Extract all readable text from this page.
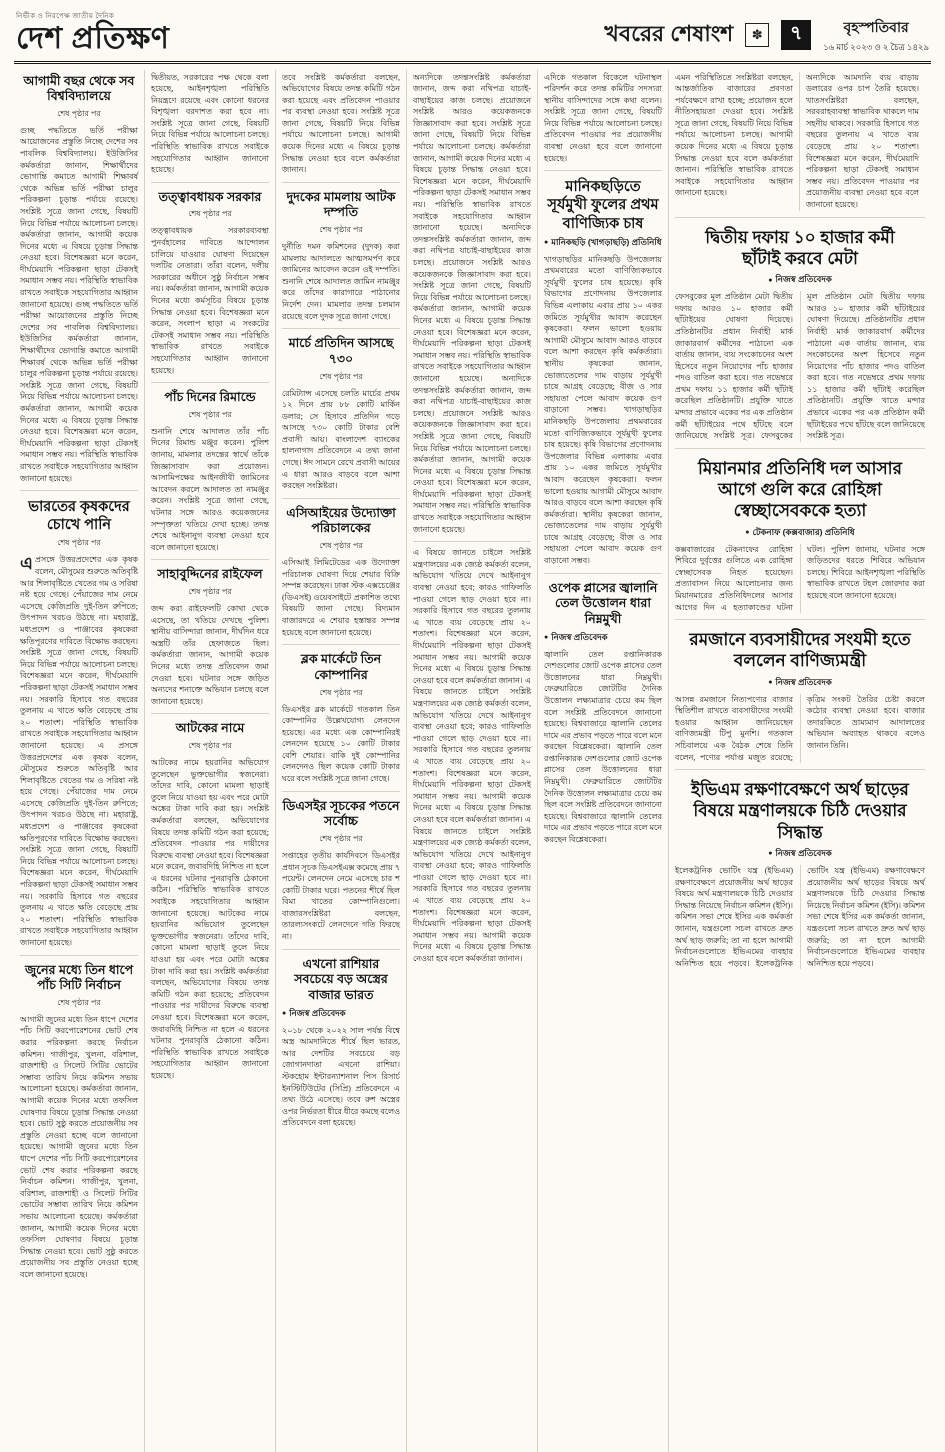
নির্ভীক ও নিরপেক্ষ জাতীয় দৈনিক
দেশ প্রতিক্ষণ	খবরের শেষাংশ	✽	৭	বৃহস্পতিবার
১৬ মার্চ ২০২৩ ও ২ চৈত্র ১৪২৯
আগামী বছর থেকে সব বিশ্ববিদ্যালয়ে
শেষ পৃষ্ঠার পর

গুচ্ছ পদ্ধতিতে ভর্তি পরীক্ষা আয়োজনের প্রস্তুতি নিচ্ছে দেশের সব পাবলিক বিশ্ববিদ্যালয়। ইউজিসির কর্মকর্তারা জানান, শিক্ষার্থীদের ভোগান্তি কমাতে আগামী শিক্ষাবর্ষ থেকে অভিন্ন ভর্তি পরীক্ষা চালুর পরিকল্পনা চূড়ান্ত পর্যায়ে রয়েছে। সংশ্লিষ্ট সূত্রে জানা গেছে, বিষয়টি নিয়ে বিভিন্ন পর্যায়ে আলোচনা চলছে। কর্মকর্তারা জানান, আগামী কয়েক দিনের মধ্যে এ বিষয়ে চূড়ান্ত সিদ্ধান্ত নেওয়া হবে। বিশেষজ্ঞরা মনে করেন, দীর্ঘমেয়াদি পরিকল্পনা ছাড়া টেকসই সমাধান সম্ভব নয়। পরিস্থিতি স্বাভাবিক রাখতে সবাইকে সহযোগিতার আহ্বান জানানো হয়েছে। গুচ্ছ পদ্ধতিতে ভর্তি পরীক্ষা আয়োজনের প্রস্তুতি নিচ্ছে দেশের সব পাবলিক বিশ্ববিদ্যালয়। ইউজিসির কর্মকর্তারা জানান, শিক্ষার্থীদের ভোগান্তি কমাতে আগামী শিক্ষাবর্ষ থেকে অভিন্ন ভর্তি পরীক্ষা চালুর পরিকল্পনা চূড়ান্ত পর্যায়ে রয়েছে। সংশ্লিষ্ট সূত্রে জানা গেছে, বিষয়টি নিয়ে বিভিন্ন পর্যায়ে আলোচনা চলছে। কর্মকর্তারা জানান, আগামী কয়েক দিনের মধ্যে এ বিষয়ে চূড়ান্ত সিদ্ধান্ত নেওয়া হবে। বিশেষজ্ঞরা মনে করেন, দীর্ঘমেয়াদি পরিকল্পনা ছাড়া টেকসই সমাধান সম্ভব নয়। পরিস্থিতি স্বাভাবিক রাখতে সবাইকে সহযোগিতার আহ্বান জানানো হয়েছে।

ভারতের কৃষকদের চোখে পানি
শেষ পৃষ্ঠার পর

এপ্রসঙ্গে উত্তরপ্রদেশের এক কৃষক বলেন, মৌসুমের শুরুতে অতিবৃষ্টি আর শিলাবৃষ্টিতে খেতের গম ও সরিষা নষ্ট হয়ে গেছে। পেঁয়াজের দাম নেমে এসেছে কেজিপ্রতি দুই-তিন রুপিতে; উৎপাদন খরচও উঠছে না। মহারাষ্ট্র, মধ্যপ্রদেশ ও পাঞ্জাবের কৃষকেরা ক্ষতিপূরণের দাবিতে বিক্ষোভ করছেন। সংশ্লিষ্ট সূত্রে জানা গেছে, বিষয়টি নিয়ে বিভিন্ন পর্যায়ে আলোচনা চলছে। বিশেষজ্ঞরা মনে করেন, দীর্ঘমেয়াদি পরিকল্পনা ছাড়া টেকসই সমাধান সম্ভব নয়। সরকারি হিসাবে গত বছরের তুলনায় এ খাতে ক্ষতি বেড়েছে প্রায় ২০ শতাংশ। পরিস্থিতি স্বাভাবিক রাখতে সবাইকে সহযোগিতার আহ্বান জানানো হয়েছে। এ প্রসঙ্গে উত্তরপ্রদেশের এক কৃষক বলেন, মৌসুমের শুরুতে অতিবৃষ্টি আর শিলাবৃষ্টিতে খেতের গম ও সরিষা নষ্ট হয়ে গেছে। পেঁয়াজের দাম নেমে এসেছে কেজিপ্রতি দুই-তিন রুপিতে; উৎপাদন খরচও উঠছে না। মহারাষ্ট্র, মধ্যপ্রদেশ ও পাঞ্জাবের কৃষকেরা ক্ষতিপূরণের দাবিতে বিক্ষোভ করছেন। সংশ্লিষ্ট সূত্রে জানা গেছে, বিষয়টি নিয়ে বিভিন্ন পর্যায়ে আলোচনা চলছে। বিশেষজ্ঞরা মনে করেন, দীর্ঘমেয়াদি পরিকল্পনা ছাড়া টেকসই সমাধান সম্ভব নয়। সরকারি হিসাবে গত বছরের তুলনায় এ খাতে ক্ষতি বেড়েছে প্রায় ২০ শতাংশ। পরিস্থিতি স্বাভাবিক রাখতে সবাইকে সহযোগিতার আহ্বান জানানো হয়েছে।

জুনের মধ্যে তিন ধাপে পাঁচ সিটি নির্বাচন
শেষ পৃষ্ঠার পর

আগামী জুনের মধ্যে তিন ধাপে দেশের পাঁচ সিটি করপোরেশনের ভোট শেষ করার পরিকল্পনা করছে নির্বাচন কমিশন। গাজীপুর, খুলনা, বরিশাল, রাজশাহী ও সিলেট সিটির ভোটের সম্ভাব্য তারিখ নিয়ে কমিশন সভায় আলোচনা হয়েছে। কর্মকর্তারা জানান, আগামী কয়েক দিনের মধ্যে তফসিল ঘোষণার বিষয়ে চূড়ান্ত সিদ্ধান্ত নেওয়া হবে। ভোট সুষ্ঠু করতে প্রয়োজনীয় সব প্রস্তুতি নেওয়া হচ্ছে বলে জানানো হয়েছে। আগামী জুনের মধ্যে তিন ধাপে দেশের পাঁচ সিটি করপোরেশনের ভোট শেষ করার পরিকল্পনা করছে নির্বাচন কমিশন। গাজীপুর, খুলনা, বরিশাল, রাজশাহী ও সিলেট সিটির ভোটের সম্ভাব্য তারিখ নিয়ে কমিশন সভায় আলোচনা হয়েছে। কর্মকর্তারা জানান, আগামী কয়েক দিনের মধ্যে তফসিল ঘোষণার বিষয়ে চূড়ান্ত সিদ্ধান্ত নেওয়া হবে। ভোট সুষ্ঠু করতে প্রয়োজনীয় সব প্রস্তুতি নেওয়া হচ্ছে বলে জানানো হয়েছে।

দ্বিতীয়ত, সরকারের পক্ষ থেকে বলা হয়েছে, আইনশৃঙ্খলা পরিস্থিতি নিয়ন্ত্রণে রয়েছে এবং কোনো ধরনের বিশৃঙ্খলা বরদাশত করা হবে না। সংশ্লিষ্ট সূত্রে জানা গেছে, বিষয়টি নিয়ে বিভিন্ন পর্যায়ে আলোচনা চলছে। পরিস্থিতি স্বাভাবিক রাখতে সবাইকে সহযোগিতার আহ্বান জানানো হয়েছে।

তত্ত্বাবধায়ক সরকার
শেষ পৃষ্ঠার পর

তত্ত্বাবধায়ক সরকারব্যবস্থা পুনর্বহালের দাবিতে আন্দোলন চালিয়ে যাওয়ার ঘোষণা দিয়েছেন দলটির নেতারা। তাঁরা বলেন, দলীয় সরকারের অধীনে সুষ্ঠু নির্বাচন সম্ভব নয়। কর্মকর্তারা জানান, আগামী কয়েক দিনের মধ্যে কর্মসূচির বিষয়ে চূড়ান্ত সিদ্ধান্ত নেওয়া হবে। বিশেষজ্ঞরা মনে করেন, সংলাপ ছাড়া এ সংকটের টেকসই সমাধান সম্ভব নয়। পরিস্থিতি স্বাভাবিক রাখতে সবাইকে সহযোগিতার আহ্বান জানানো হয়েছে।

পাঁচ দিনের রিমান্ডে
শেষ পৃষ্ঠার পর

শুনানি শেষে আদালত তাঁর পাঁচ দিনের রিমান্ড মঞ্জুর করেন। পুলিশ জানায়, মামলার তদন্তের স্বার্থে তাঁকে জিজ্ঞাসাবাদ করা প্রয়োজন। আসামিপক্ষের আইনজীবী জামিনের আবেদন করলে আদালত তা নামঞ্জুর করেন। সংশ্লিষ্ট সূত্রে জানা গেছে, ঘটনার সঙ্গে আরও কয়েকজনের সম্পৃক্ততা খতিয়ে দেখা হচ্ছে। তদন্ত শেষে আইনানুগ ব্যবস্থা নেওয়া হবে বলে জানানো হয়েছে।

সাহাবুদ্দিনের রাইফেল
শেষ পৃষ্ঠার পর

জব্দ করা রাইফেলটি কোথা থেকে এসেছে, তা খতিয়ে দেখছে পুলিশ। স্থানীয় বাসিন্দারা জানান, দীর্ঘদিন ধরে অস্ত্রটি তাঁর হেফাজতে ছিল। কর্মকর্তারা জানান, আগামী কয়েক দিনের মধ্যে তদন্ত প্রতিবেদন জমা দেওয়া হবে। ঘটনার সঙ্গে জড়িত অন্যদের শনাক্তে অভিযান চলছে বলে জানানো হয়েছে।

আটকের নামে
শেষ পৃষ্ঠার পর

আটকের নামে হয়রানির অভিযোগ তুলেছেন ভুক্তভোগীর স্বজনেরা। তাঁদের দাবি, কোনো মামলা ছাড়াই তুলে নিয়ে যাওয়া হয় এবং পরে মোটা অঙ্কের টাকা দাবি করা হয়। সংশ্লিষ্ট কর্মকর্তারা বলছেন, অভিযোগের বিষয়ে তদন্ত কমিটি গঠন করা হয়েছে; প্রতিবেদন পাওয়ার পর দায়ীদের বিরুদ্ধে ব্যবস্থা নেওয়া হবে। বিশেষজ্ঞরা মনে করেন, জবাবদিহি নিশ্চিত না হলে এ ধরনের ঘটনার পুনরাবৃত্তি ঠেকানো কঠিন। পরিস্থিতি স্বাভাবিক রাখতে সবাইকে সহযোগিতার আহ্বান জানানো হয়েছে। আটকের নামে হয়রানির অভিযোগ তুলেছেন ভুক্তভোগীর স্বজনেরা। তাঁদের দাবি, কোনো মামলা ছাড়াই তুলে নিয়ে যাওয়া হয় এবং পরে মোটা অঙ্কের টাকা দাবি করা হয়। সংশ্লিষ্ট কর্মকর্তারা বলছেন, অভিযোগের বিষয়ে তদন্ত কমিটি গঠন করা হয়েছে; প্রতিবেদন পাওয়ার পর দায়ীদের বিরুদ্ধে ব্যবস্থা নেওয়া হবে। বিশেষজ্ঞরা মনে করেন, জবাবদিহি নিশ্চিত না হলে এ ধরনের ঘটনার পুনরাবৃত্তি ঠেকানো কঠিন। পরিস্থিতি স্বাভাবিক রাখতে সবাইকে সহযোগিতার আহ্বান জানানো হয়েছে।

তবে সংশ্লিষ্ট কর্মকর্তারা বলছেন, অভিযোগের বিষয়ে তদন্ত কমিটি গঠন করা হয়েছে এবং প্রতিবেদন পাওয়ার পর ব্যবস্থা নেওয়া হবে। সংশ্লিষ্ট সূত্রে জানা গেছে, বিষয়টি নিয়ে বিভিন্ন পর্যায়ে আলোচনা চলছে। আগামী কয়েক দিনের মধ্যে এ বিষয়ে চূড়ান্ত সিদ্ধান্ত নেওয়া হবে বলে কর্মকর্তারা জানান।

দুদকের মামলায় আটক দম্পতি
শেষ পৃষ্ঠার পর

দুর্নীতি দমন কমিশনের (দুদক) করা মামলায় আদালতে আত্মসমর্পণ করে জামিনের আবেদন করেন ওই দম্পতি। শুনানি শেষে আদালত জামিন নামঞ্জুর করে তাঁদের কারাগারে পাঠানোর নির্দেশ দেন। মামলার তদন্ত চলমান রয়েছে বলে দুদক সূত্রে জানা গেছে।

মার্চে প্রতিদিন আসছে ৭৩০
শেষ পৃষ্ঠার পর

রেমিট্যান্স এসেছে চলতি মার্চের প্রথম ১২ দিনে প্রায় ৮৮ কোটি মার্কিন ডলার; সে হিসাবে প্রতিদিন গড়ে আসছে ৭৩০ কোটি টাকার বেশি প্রবাসী আয়। বাংলাদেশ ব্যাংকের হালনাগাদ প্রতিবেদনে এ তথ্য জানা গেছে। ঈদ সামনে রেখে প্রবাসী আয়ের এ ধারা আরও বাড়বে বলে আশা করছেন সংশ্লিষ্টরা।

এসিআইয়ের উদ্যোক্তা পরিচালকের
শেষ পৃষ্ঠার পর

এসিআই লিমিটেডের এক উদ্যোক্তা পরিচালক ঘোষণা দিয়ে শেয়ার বিক্রি সম্পন্ন করেছেন। ঢাকা স্টক এক্সচেঞ্জের (ডিএসই) ওয়েবসাইটে প্রকাশিত তথ্যে বিষয়টি জানা গেছে। বিদ্যমান বাজারদরে এ শেয়ার হস্তান্তর সম্পন্ন হয়েছে বলে জানানো হয়েছে।

ব্লক মার্কেটে তিন কোম্পানির
শেষ পৃষ্ঠার পর

ডিএসইর ব্লক মার্কেটে গতকাল তিন কোম্পানির উল্লেখযোগ্য লেনদেন হয়েছে। এর মধ্যে এক কোম্পানিরই লেনদেন হয়েছে ১০ কোটি টাকার বেশি শেয়ার। বাকি দুই কোম্পানির লেনদেনও ছিল কয়েক কোটি টাকার ঘরে বলে সংশ্লিষ্ট সূত্রে জানা গেছে।

ডিএসইর সূচকের পতনে সর্বোচ্চ
শেষ পৃষ্ঠার পর

সপ্তাহের তৃতীয় কার্যদিবসে ডিএসইর প্রধান সূচক ডিএসইএক্স কমেছে প্রায় ৭ পয়েন্ট। লেনদেন নেমে এসেছে চার শ কোটি টাকার ঘরে। পতনের শীর্ষে ছিল বিমা খাতের কোম্পানিগুলো। বাজারসংশ্লিষ্টরা বলছেন, তারল্যসংকটে লেনদেনে গতি ফিরছে না।

এখনো রাশিয়ার সবচেয়ে বড় অস্ত্রের বাজার ভারত
● নিজস্ব প্রতিবেদক

২০১৮ থেকে ২০২২ সাল পর্যন্ত বিশ্বে অস্ত্র আমদানিতে শীর্ষে ছিল ভারত, আর দেশটির সবচেয়ে বড় জোগানদাতা এখনো রাশিয়া। স্টকহোম ইন্টারন্যাশনাল পিস রিসার্চ ইনস্টিটিউটের (সিপ্রি) প্রতিবেদনে এ তথ্য উঠে এসেছে। তবে রুশ অস্ত্রের ওপর নির্ভরতা ধীরে ধীরে কমছে বলেও প্রতিবেদনে বলা হয়েছে।

অন্যদিকে তদন্তসংশ্লিষ্ট কর্মকর্তারা জানান, জব্দ করা নথিপত্র যাচাই-বাছাইয়ের কাজ চলছে। প্রয়োজনে সংশ্লিষ্ট আরও কয়েকজনকে জিজ্ঞাসাবাদ করা হবে। সংশ্লিষ্ট সূত্রে জানা গেছে, বিষয়টি নিয়ে বিভিন্ন পর্যায়ে আলোচনা চলছে। কর্মকর্তারা জানান, আগামী কয়েক দিনের মধ্যে এ বিষয়ে চূড়ান্ত সিদ্ধান্ত নেওয়া হবে। বিশেষজ্ঞরা মনে করেন, দীর্ঘমেয়াদি পরিকল্পনা ছাড়া টেকসই সমাধান সম্ভব নয়। পরিস্থিতি স্বাভাবিক রাখতে সবাইকে সহযোগিতার আহ্বান জানানো হয়েছে। অন্যদিকে তদন্তসংশ্লিষ্ট কর্মকর্তারা জানান, জব্দ করা নথিপত্র যাচাই-বাছাইয়ের কাজ চলছে। প্রয়োজনে সংশ্লিষ্ট আরও কয়েকজনকে জিজ্ঞাসাবাদ করা হবে। সংশ্লিষ্ট সূত্রে জানা গেছে, বিষয়টি নিয়ে বিভিন্ন পর্যায়ে আলোচনা চলছে। কর্মকর্তারা জানান, আগামী কয়েক দিনের মধ্যে এ বিষয়ে চূড়ান্ত সিদ্ধান্ত নেওয়া হবে। বিশেষজ্ঞরা মনে করেন, দীর্ঘমেয়াদি পরিকল্পনা ছাড়া টেকসই সমাধান সম্ভব নয়। পরিস্থিতি স্বাভাবিক রাখতে সবাইকে সহযোগিতার আহ্বান জানানো হয়েছে। অন্যদিকে তদন্তসংশ্লিষ্ট কর্মকর্তারা জানান, জব্দ করা নথিপত্র যাচাই-বাছাইয়ের কাজ চলছে। প্রয়োজনে সংশ্লিষ্ট আরও কয়েকজনকে জিজ্ঞাসাবাদ করা হবে। সংশ্লিষ্ট সূত্রে জানা গেছে, বিষয়টি নিয়ে বিভিন্ন পর্যায়ে আলোচনা চলছে। কর্মকর্তারা জানান, আগামী কয়েক দিনের মধ্যে এ বিষয়ে চূড়ান্ত সিদ্ধান্ত নেওয়া হবে। বিশেষজ্ঞরা মনে করেন, দীর্ঘমেয়াদি পরিকল্পনা ছাড়া টেকসই সমাধান সম্ভব নয়। পরিস্থিতি স্বাভাবিক রাখতে সবাইকে সহযোগিতার আহ্বান জানানো হয়েছে।

এ বিষয়ে জানতে চাইলে সংশ্লিষ্ট মন্ত্রণালয়ের এক জ্যেষ্ঠ কর্মকর্তা বলেন, অভিযোগ খতিয়ে দেখে আইনানুগ ব্যবস্থা নেওয়া হবে; কারও গাফিলতি পাওয়া গেলে ছাড় দেওয়া হবে না। সরকারি হিসাবে গত বছরের তুলনায় এ খাতে ব্যয় বেড়েছে প্রায় ২০ শতাংশ। বিশেষজ্ঞরা মনে করেন, দীর্ঘমেয়াদি পরিকল্পনা ছাড়া টেকসই সমাধান সম্ভব নয়। আগামী কয়েক দিনের মধ্যে এ বিষয়ে চূড়ান্ত সিদ্ধান্ত নেওয়া হবে বলে কর্মকর্তারা জানান। এ বিষয়ে জানতে চাইলে সংশ্লিষ্ট মন্ত্রণালয়ের এক জ্যেষ্ঠ কর্মকর্তা বলেন, অভিযোগ খতিয়ে দেখে আইনানুগ ব্যবস্থা নেওয়া হবে; কারও গাফিলতি পাওয়া গেলে ছাড় দেওয়া হবে না। সরকারি হিসাবে গত বছরের তুলনায় এ খাতে ব্যয় বেড়েছে প্রায় ২০ শতাংশ। বিশেষজ্ঞরা মনে করেন, দীর্ঘমেয়াদি পরিকল্পনা ছাড়া টেকসই সমাধান সম্ভব নয়। আগামী কয়েক দিনের মধ্যে এ বিষয়ে চূড়ান্ত সিদ্ধান্ত নেওয়া হবে বলে কর্মকর্তারা জানান। এ বিষয়ে জানতে চাইলে সংশ্লিষ্ট মন্ত্রণালয়ের এক জ্যেষ্ঠ কর্মকর্তা বলেন, অভিযোগ খতিয়ে দেখে আইনানুগ ব্যবস্থা নেওয়া হবে; কারও গাফিলতি পাওয়া গেলে ছাড় দেওয়া হবে না। সরকারি হিসাবে গত বছরের তুলনায় এ খাতে ব্যয় বেড়েছে প্রায় ২০ শতাংশ। বিশেষজ্ঞরা মনে করেন, দীর্ঘমেয়াদি পরিকল্পনা ছাড়া টেকসই সমাধান সম্ভব নয়। আগামী কয়েক দিনের মধ্যে এ বিষয়ে চূড়ান্ত সিদ্ধান্ত নেওয়া হবে বলে কর্মকর্তারা জানান।

এদিকে গতকাল বিকেলে ঘটনাস্থল পরিদর্শন করে তদন্ত কমিটির সদস্যরা স্থানীয় বাসিন্দাদের সঙ্গে কথা বলেন। সংশ্লিষ্ট সূত্রে জানা গেছে, বিষয়টি নিয়ে বিভিন্ন পর্যায়ে আলোচনা চলছে। প্রতিবেদন পাওয়ার পর প্রয়োজনীয় ব্যবস্থা নেওয়া হবে বলে জানানো হয়েছে।

মানিকছড়িতে সূর্যমুখী ফুলের প্রথম বাণিজ্যিক চাষ
● মানিকছড়ি (খাগড়াছড়ি) প্রতিনিধি

খাগড়াছড়ির মানিকছড়ি উপজেলায় প্রথমবারের মতো বাণিজ্যিকভাবে সূর্যমুখী ফুলের চাষ হয়েছে। কৃষি বিভাগের প্রণোদনায় উপজেলার বিভিন্ন এলাকায় এবার প্রায় ১০ একর জমিতে সূর্যমুখীর আবাদ করেছেন কৃষকেরা। ফলন ভালো হওয়ায় আগামী মৌসুমে আবাদ আরও বাড়বে বলে আশা করছেন কৃষি কর্মকর্তারা। স্থানীয় কৃষকেরা জানান, ভোজ্যতেলের দাম বাড়ায় সূর্যমুখী চাষে আগ্রহ বেড়েছে; বীজ ও সার সহায়তা পেলে আবাদ কয়েক গুণ বাড়ানো সম্ভব। খাগড়াছড়ির মানিকছড়ি উপজেলায় প্রথমবারের মতো বাণিজ্যিকভাবে সূর্যমুখী ফুলের চাষ হয়েছে। কৃষি বিভাগের প্রণোদনায় উপজেলার বিভিন্ন এলাকায় এবার প্রায় ১০ একর জমিতে সূর্যমুখীর আবাদ করেছেন কৃষকেরা। ফলন ভালো হওয়ায় আগামী মৌসুমে আবাদ আরও বাড়বে বলে আশা করছেন কৃষি কর্মকর্তারা। স্থানীয় কৃষকেরা জানান, ভোজ্যতেলের দাম বাড়ায় সূর্যমুখী চাষে আগ্রহ বেড়েছে; বীজ ও সার সহায়তা পেলে আবাদ কয়েক গুণ বাড়ানো সম্ভব।

ওপেক প্লাসের জ্বালানি তেল উত্তোলন ধারা নিম্নমুখী
● নিজস্ব প্রতিবেদক

জ্বালানি তেল রপ্তানিকারক দেশগুলোর জোট ওপেক প্লাসের তেল উত্তোলনের ধারা নিম্নমুখী। ফেব্রুয়ারিতে জোটটির দৈনিক উত্তোলন লক্ষ্যমাত্রার চেয়ে কম ছিল বলে সংশ্লিষ্ট প্রতিবেদনে জানানো হয়েছে। বিশ্ববাজারে জ্বালানি তেলের দামে এর প্রভাব পড়তে পারে বলে মনে করছেন বিশ্লেষকেরা। জ্বালানি তেল রপ্তানিকারক দেশগুলোর জোট ওপেক প্লাসের তেল উত্তোলনের ধারা নিম্নমুখী। ফেব্রুয়ারিতে জোটটির দৈনিক উত্তোলন লক্ষ্যমাত্রার চেয়ে কম ছিল বলে সংশ্লিষ্ট প্রতিবেদনে জানানো হয়েছে। বিশ্ববাজারে জ্বালানি তেলের দামে এর প্রভাব পড়তে পারে বলে মনে করছেন বিশ্লেষকেরা।

এমন পরিস্থিতিতে সংশ্লিষ্টরা বলছেন, আন্তর্জাতিক বাজারের প্রবণতা পর্যবেক্ষণে রাখা হচ্ছে; প্রয়োজন হলে নীতিসহায়তা দেওয়া হবে। সংশ্লিষ্ট সূত্রে জানা গেছে, বিষয়টি নিয়ে বিভিন্ন পর্যায়ে আলোচনা চলছে। আগামী কয়েক দিনের মধ্যে এ বিষয়ে চূড়ান্ত সিদ্ধান্ত নেওয়া হবে বলে কর্মকর্তারা জানান। পরিস্থিতি স্বাভাবিক রাখতে সবাইকে সহযোগিতার আহ্বান জানানো হয়েছে।

অন্যদিকে আমদানি ব্যয় বাড়ায় ডলারের ওপর চাপ তৈরি হয়েছে। খাতসংশ্লিষ্টরা বলছেন, সরবরাহব্যবস্থা স্বাভাবিক থাকলে দাম সহনীয় থাকবে। সরকারি হিসাবে গত বছরের তুলনায় এ খাতে ব্যয় বেড়েছে প্রায় ২০ শতাংশ। বিশেষজ্ঞরা মনে করেন, দীর্ঘমেয়াদি পরিকল্পনা ছাড়া টেকসই সমাধান সম্ভব নয়। প্রতিবেদন পাওয়ার পর প্রয়োজনীয় ব্যবস্থা নেওয়া হবে বলে জানানো হয়েছে।

দ্বিতীয় দফায় ১০ হাজার কর্মী ছাঁটাই করবে মেটা
● নিজস্ব প্রতিবেদক

ফেসবুকের মূল প্রতিষ্ঠান মেটা দ্বিতীয় দফায় আরও ১০ হাজার কর্মী ছাঁটাইয়ের ঘোষণা দিয়েছে। প্রতিষ্ঠানটির প্রধান নির্বাহী মার্ক জাকারবার্গ কর্মীদের পাঠানো এক বার্তায় জানান, ব্যয় সংকোচনের অংশ হিসেবে নতুন নিয়োগের পাঁচ হাজার পদও বাতিল করা হবে। গত নভেম্বরে প্রথম দফায় ১১ হাজার কর্মী ছাঁটাই করেছিল প্রতিষ্ঠানটি। প্রযুক্তি খাতে মন্দার প্রভাবে একের পর এক প্রতিষ্ঠান কর্মী ছাঁটাইয়ের পথে হাঁটছে বলে জানিয়েছে সংশ্লিষ্ট সূত্র। ফেসবুকের মূল প্রতিষ্ঠান মেটা দ্বিতীয় দফায় আরও ১০ হাজার কর্মী ছাঁটাইয়ের ঘোষণা দিয়েছে। প্রতিষ্ঠানটির প্রধান নির্বাহী মার্ক জাকারবার্গ কর্মীদের পাঠানো এক বার্তায় জানান, ব্যয় সংকোচনের অংশ হিসেবে নতুন নিয়োগের পাঁচ হাজার পদও বাতিল করা হবে। গত নভেম্বরে প্রথম দফায় ১১ হাজার কর্মী ছাঁটাই করেছিল প্রতিষ্ঠানটি। প্রযুক্তি খাতে মন্দার প্রভাবে একের পর এক প্রতিষ্ঠান কর্মী ছাঁটাইয়ের পথে হাঁটছে বলে জানিয়েছে সংশ্লিষ্ট সূত্র।

মিয়ানমার প্রতিনিধি দল আসার আগে গুলি করে রোহিঙ্গা স্বেচ্ছাসেবককে হত্যা
● টেকনাফ (কক্সবাজার) প্রতিনিধি

কক্সবাজারের টেকনাফের রোহিঙ্গা শিবিরে দুর্বৃত্তের গুলিতে এক রোহিঙ্গা স্বেচ্ছাসেবক নিহত হয়েছেন। প্রত্যাবাসন নিয়ে আলোচনার জন্য মিয়ানমারের প্রতিনিধিদলের আসার আগের দিন এ হত্যাকাণ্ডের ঘটনা ঘটল। পুলিশ জানায়, ঘটনার সঙ্গে জড়িতদের ধরতে শিবিরে অভিযান চলছে। শিবিরে আইনশৃঙ্খলা পরিস্থিতি স্বাভাবিক রাখতে টহল জোরদার করা হয়েছে বলে জানানো হয়েছে।

রমজানে ব্যবসায়ীদের সংযমী হতে বললেন বাণিজ্যমন্ত্রী
● নিজস্ব প্রতিবেদক

আসন্ন রমজানে নিত্যপণ্যের বাজার স্থিতিশীল রাখতে ব্যবসায়ীদের সংযমী হওয়ার আহ্বান জানিয়েছেন বাণিজ্যমন্ত্রী টিপু মুনশি। গতকাল সচিবালয়ে এক বৈঠক শেষে তিনি বলেন, পণ্যের পর্যাপ্ত মজুত রয়েছে; কৃত্রিম সংকট তৈরির চেষ্টা করলে কঠোর ব্যবস্থা নেওয়া হবে। বাজার তদারকিতে ভ্রাম্যমাণ আদালতের অভিযান অব্যাহত থাকবে বলেও জানান তিনি।

ইভিএম রক্ষণাবেক্ষণে অর্থ ছাড়ের বিষয়ে মন্ত্রণালয়কে চিঠি দেওয়ার সিদ্ধান্ত
● নিজস্ব প্রতিবেদক

ইলেকট্রনিক ভোটিং যন্ত্র (ইভিএম) রক্ষণাবেক্ষণে প্রয়োজনীয় অর্থ ছাড়ের বিষয়ে অর্থ মন্ত্রণালয়কে চিঠি দেওয়ার সিদ্ধান্ত নিয়েছে নির্বাচন কমিশন (ইসি)। কমিশন সভা শেষে ইসির এক কর্মকর্তা জানান, যন্ত্রগুলো সচল রাখতে দ্রুত অর্থ ছাড় জরুরি; তা না হলে আগামী নির্বাচনগুলোতে ইভিএমের ব্যবহার অনিশ্চিত হয়ে পড়বে। ইলেকট্রনিক ভোটিং যন্ত্র (ইভিএম) রক্ষণাবেক্ষণে প্রয়োজনীয় অর্থ ছাড়ের বিষয়ে অর্থ মন্ত্রণালয়কে চিঠি দেওয়ার সিদ্ধান্ত নিয়েছে নির্বাচন কমিশন (ইসি)। কমিশন সভা শেষে ইসির এক কর্মকর্তা জানান, যন্ত্রগুলো সচল রাখতে দ্রুত অর্থ ছাড় জরুরি; তা না হলে আগামী নির্বাচনগুলোতে ইভিএমের ব্যবহার অনিশ্চিত হয়ে পড়বে।
